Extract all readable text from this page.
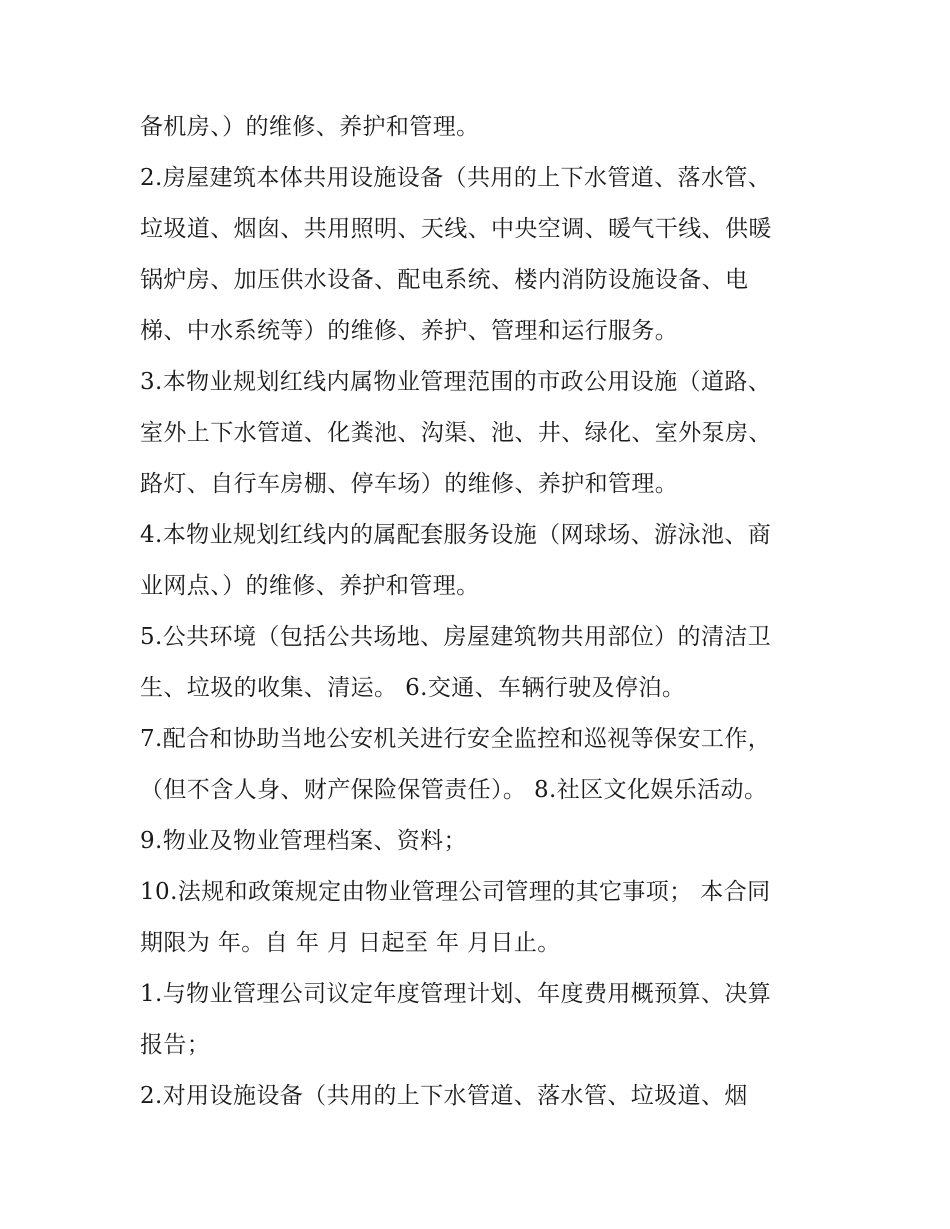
备机房、）的维修、养护和管理。
2.房屋建筑本体共用设施设备（共用的上下水管道、落水管、
垃圾道、烟囱、共用照明、天线、中央空调、暖气干线、供暖
锅炉房、加压供水设备、配电系统、楼内消防设施设备、电
梯、中水系统等）的维修、养护、管理和运行服务。
3.本物业规划红线内属物业管理范围的市政公用设施（道路、
室外上下水管道、化粪池、沟渠、池、井、绿化、室外泵房、
路灯、自行车房棚、停车场）的维修、养护和管理。
4.本物业规划红线内的属配套服务设施（网球场、游泳池、商
业网点、）的维修、养护和管理。
5.公共环境（包括公共场地、房屋建筑物共用部位）的清洁卫
生、垃圾的收集、清运。 6.交通、车辆行驶及停泊。
7.配合和协助当地公安机关进行安全监控和巡视等保安工作，
（但不含人身、财产保险保管责任）。 8.社区文化娱乐活动。
9.物业及物业管理档案、资料；
10.法规和政策规定由物业管理公司管理的其它事项； 本合同
期限为 年。自 年 月 日起至 年 月日止。
1.与物业管理公司议定年度管理计划、年度费用概预算、决算
报告；
2.对用设施设备（共用的上下水管道、落水管、垃圾道、烟
